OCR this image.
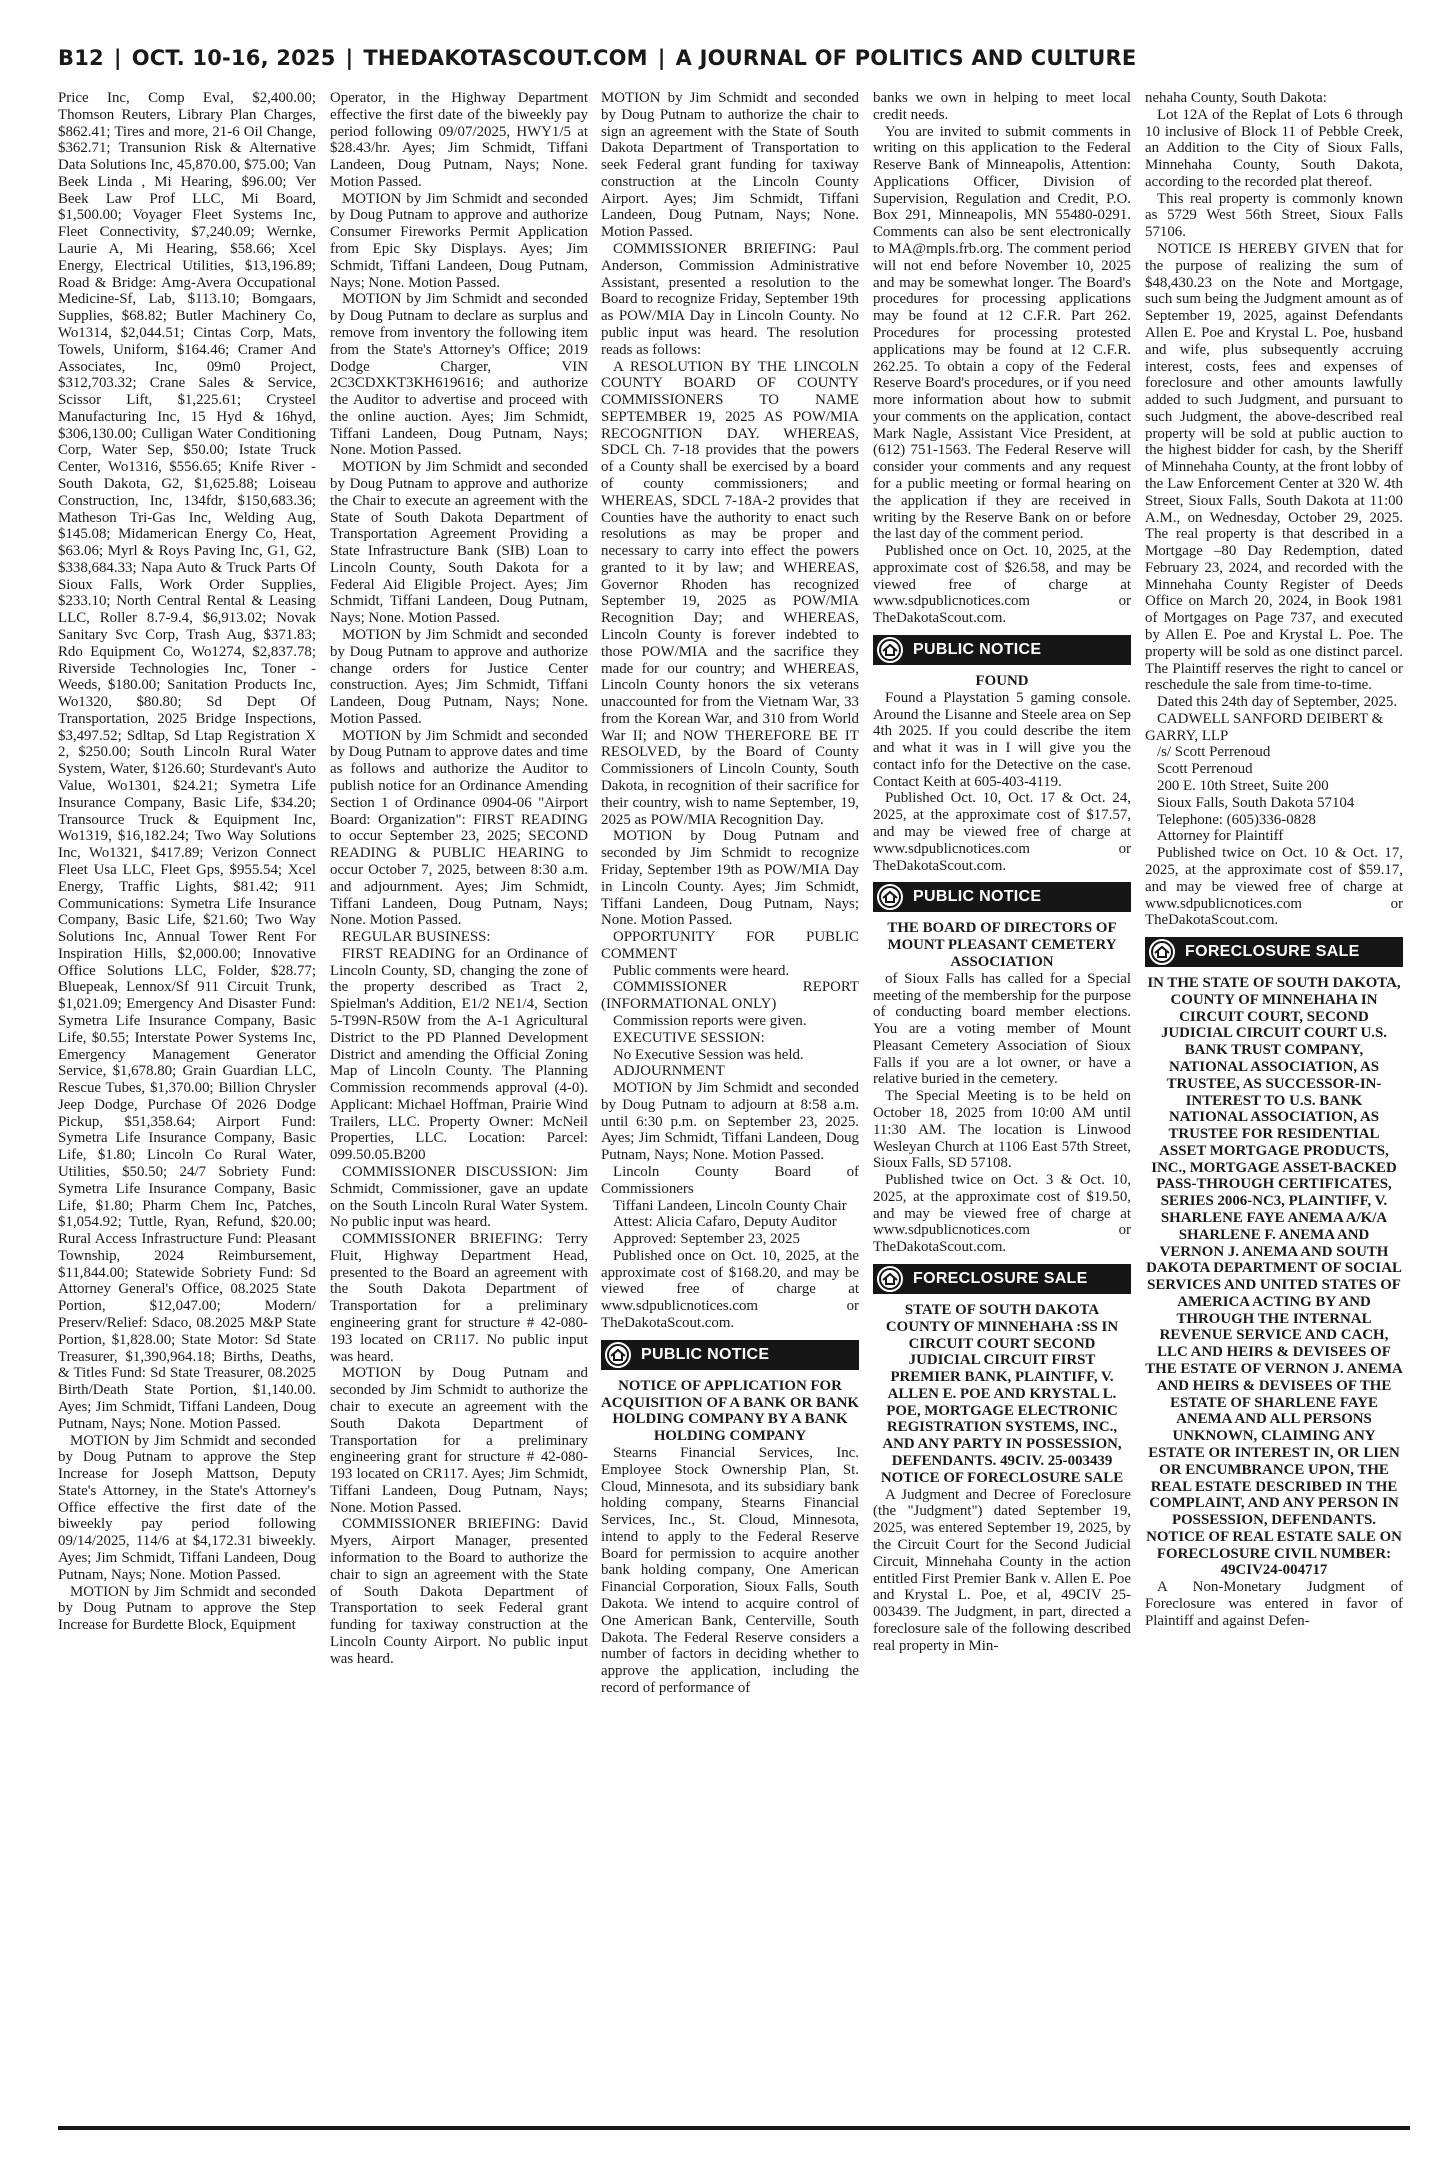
B12 | OCT. 10-16, 2025 | THEDAKOTASCOUT.COM | A JOURNAL OF POLITICS AND CULTURE

Price Inc, Comp Eval, $2,400.00; Thomson Reuters, Library Plan Charges, $862.41; Tires and more, 21-6 Oil Change, $362.71; Transunion Risk & Alternative Data Solutions Inc, 45,870.00, $75.00; Van Beek Linda , Mi Hearing, $96.00; Ver Beek Law Prof LLC, Mi Board, $1,500.00; Voyager Fleet Systems Inc, Fleet Connectivity, $7,240.09; Wernke, Laurie A, Mi Hearing, $58.66; Xcel Energy, Electrical Utilities, $13,196.89; Road & Bridge: Amg-Avera Occupational Medicine-Sf, Lab, $113.10; Bomgaars, Supplies, $68.82; Butler Machinery Co, Wo1314, $2,044.51; Cintas Corp, Mats, Towels, Uniform, $164.46; Cramer And Associates, Inc, 09m0 Project, $312,703.32; Crane Sales & Service, Scissor Lift, $1,225.61; Crysteel Manufacturing Inc, 15 Hyd & 16hyd, $306,130.00; Culligan Water Conditioning Corp, Water Sep, $50.00; Istate Truck Center, Wo1316, $556.65; Knife River - South Dakota, G2, $1,625.88; Loiseau Construction, Inc, 134fdr, $150,683.36; Matheson Tri-Gas Inc, Welding Aug, $145.08; Midamerican Energy Co, Heat, $63.06; Myrl & Roys Paving Inc, G1, G2, $338,684.33; Napa Auto & Truck Parts Of Sioux Falls, Work Order Supplies, $233.10; North Central Rental & Leasing LLC, Roller 8.7-9.4, $6,913.02; Novak Sanitary Svc Corp, Trash Aug, $371.83; Rdo Equipment Co, Wo1274, $2,837.78; Riverside Technologies Inc, Toner - Weeds, $180.00; Sanitation Products Inc, Wo1320, $80.80; Sd Dept Of Transportation, 2025 Bridge Inspections, $3,497.52; Sdltap, Sd Ltap Registration X 2, $250.00; South Lincoln Rural Water System, Water, $126.60; Sturdevant's Auto Value, Wo1301, $24.21; Symetra Life Insurance Company, Basic Life, $34.20; Transource Truck & Equipment Inc, Wo1319, $16,182.24; Two Way Solutions Inc, Wo1321, $417.89; Verizon Connect Fleet Usa LLC, Fleet Gps, $955.54; Xcel Energy, Traffic Lights, $81.42; 911 Communications: Symetra Life Insurance Company, Basic Life, $21.60; Two Way Solutions Inc, Annual Tower Rent For Inspiration Hills, $2,000.00; Innovative Office Solutions LLC, Folder, $28.77; Bluepeak, Lennox/Sf 911 Circuit Trunk, $1,021.09; Emergency And Disaster Fund: Symetra Life Insurance Company, Basic Life, $0.55; Interstate Power Systems Inc, Emergency Management Generator Service, $1,678.80; Grain Guardian LLC, Rescue Tubes, $1,370.00; Billion Chrysler Jeep Dodge, Purchase Of 2026 Dodge Pickup, $51,358.64; Airport Fund: Symetra Life Insurance Company, Basic Life, $1.80; Lincoln Co Rural Water, Utilities, $50.50; 24/7 Sobriety Fund: Symetra Life Insurance Company, Basic Life, $1.80; Pharm Chem Inc, Patches, $1,054.92; Tuttle, Ryan, Refund, $20.00; Rural Access Infrastructure Fund: Pleasant Township, 2024 Reimbursement, $11,844.00; Statewide Sobriety Fund: Sd Attorney General's Office, 08.2025 State Portion, $12,047.00; Modern/ Preserv/Relief: Sdaco, 08.2025 M&P State Portion, $1,828.00; State Motor: Sd State Treasurer, $1,390,964.18; Births, Deaths, & Titles Fund: Sd State Treasurer, 08.2025 Birth/Death State Portion, $1,140.00. Ayes; Jim Schmidt, Tiffani Landeen, Doug Putnam, Nays; None. Motion Passed.

MOTION by Jim Schmidt and seconded by Doug Putnam to approve the Step Increase for Joseph Mattson, Deputy State's Attorney, in the State's Attorney's Office effective the first date of the biweekly pay period following 09/14/2025, 114/6 at $4,172.31 biweekly. Ayes; Jim Schmidt, Tiffani Landeen, Doug Putnam, Nays; None. Motion Passed.

MOTION by Jim Schmidt and seconded by Doug Putnam to approve the Step Increase for Burdette Block, Equipment

Operator, in the Highway Department effective the first date of the biweekly pay period following 09/07/2025, HWY1/5 at $28.43/hr. Ayes; Jim Schmidt, Tiffani Landeen, Doug Putnam, Nays; None. Motion Passed.

MOTION by Jim Schmidt and seconded by Doug Putnam to approve and authorize Consumer Fireworks Permit Application from Epic Sky Displays. Ayes; Jim Schmidt, Tiffani Landeen, Doug Putnam, Nays; None. Motion Passed.

MOTION by Jim Schmidt and seconded by Doug Putnam to declare as surplus and remove from inventory the following item from the State's Attorney's Office; 2019 Dodge Charger, VIN 2C3CDXKT3KH619616; and authorize the Auditor to advertise and proceed with the online auction. Ayes; Jim Schmidt, Tiffani Landeen, Doug Putnam, Nays; None. Motion Passed.

MOTION by Jim Schmidt and seconded by Doug Putnam to approve and authorize the Chair to execute an agreement with the State of South Dakota Department of Transportation Agreement Providing a State Infrastructure Bank (SIB) Loan to Lincoln County, South Dakota for a Federal Aid Eligible Project. Ayes; Jim Schmidt, Tiffani Landeen, Doug Putnam, Nays; None. Motion Passed.

MOTION by Jim Schmidt and seconded by Doug Putnam to approve and authorize change orders for Justice Center construction. Ayes; Jim Schmidt, Tiffani Landeen, Doug Putnam, Nays; None. Motion Passed.

MOTION by Jim Schmidt and seconded by Doug Putnam to approve dates and time as follows and authorize the Auditor to publish notice for an Ordinance Amending Section 1 of Ordinance 0904-06 "Airport Board: Organization": FIRST READING to occur September 23, 2025; SECOND READING & PUBLIC HEARING to occur October 7, 2025, between 8:30 a.m. and adjournment. Ayes; Jim Schmidt, Tiffani Landeen, Doug Putnam, Nays; None. Motion Passed.

REGULAR BUSINESS:

FIRST READING for an Ordinance of Lincoln County, SD, changing the zone of the property described as Tract 2, Spielman's Addition, E1/2 NE1/4, Section 5-T99N-R50W from the A-1 Agricultural District to the PD Planned Development District and amending the Official Zoning Map of Lincoln County. The Planning Commission recommends approval (4-0). Applicant: Michael Hoffman, Prairie Wind Trailers, LLC. Property Owner: McNeil Properties, LLC. Location: Parcel: 099.50.05.B200

COMMISSIONER DISCUSSION: Jim Schmidt, Commissioner, gave an update on the South Lincoln Rural Water System. No public input was heard.

COMMISSIONER BRIEFING: Terry Fluit, Highway Department Head, presented to the Board an agreement with the South Dakota Department of Transportation for a preliminary engineering grant for structure # 42-080-193 located on CR117. No public input was heard.

MOTION by Doug Putnam and seconded by Jim Schmidt to authorize the chair to execute an agreement with the South Dakota Department of Transportation for a preliminary engineering grant for structure # 42-080-193 located on CR117. Ayes; Jim Schmidt, Tiffani Landeen, Doug Putnam, Nays; None. Motion Passed.

COMMISSIONER BRIEFING: David Myers, Airport Manager, presented information to the Board to authorize the chair to sign an agreement with the State of South Dakota Department of Transportation to seek Federal grant funding for taxiway construction at the Lincoln County Airport. No public input was heard.

MOTION by Jim Schmidt and seconded by Doug Putnam to authorize the chair to sign an agreement with the State of South Dakota Department of Transportation to seek Federal grant funding for taxiway construction at the Lincoln County Airport. Ayes; Jim Schmidt, Tiffani Landeen, Doug Putnam, Nays; None. Motion Passed.

COMMISSIONER BRIEFING: Paul Anderson, Commission Administrative Assistant, presented a resolution to the Board to recognize Friday, September 19th as POW/MIA Day in Lincoln County. No public input was heard. The resolution reads as follows:

A RESOLUTION BY THE LINCOLN COUNTY BOARD OF COUNTY COMMISSIONERS TO NAME SEPTEMBER 19, 2025 AS POW/MIA RECOGNITION DAY. WHEREAS, SDCL Ch. 7-18 provides that the powers of a County shall be exercised by a board of county commissioners; and WHEREAS, SDCL 7-18A-2 provides that Counties have the authority to enact such resolutions as may be proper and necessary to carry into effect the powers granted to it by law; and WHEREAS, Governor Rhoden has recognized September 19, 2025 as POW/MIA Recognition Day; and WHEREAS, Lincoln County is forever indebted to those POW/MIA and the sacrifice they made for our country; and WHEREAS, Lincoln County honors the six veterans unaccounted for from the Vietnam War, 33 from the Korean War, and 310 from World War II; and NOW THEREFORE BE IT RESOLVED, by the Board of County Commissioners of Lincoln County, South Dakota, in recognition of their sacrifice for their country, wish to name September, 19, 2025 as POW/MIA Recognition Day.

MOTION by Doug Putnam and seconded by Jim Schmidt to recognize Friday, September 19th as POW/MIA Day in Lincoln County. Ayes; Jim Schmidt, Tiffani Landeen, Doug Putnam, Nays; None. Motion Passed.

OPPORTUNITY FOR PUBLIC COMMENT

Public comments were heard.

COMMISSIONER REPORT (INFORMATIONAL ONLY)

Commission reports were given.

EXECUTIVE SESSION:

No Executive Session was held.

ADJOURNMENT

MOTION by Jim Schmidt and seconded by Doug Putnam to adjourn at 8:58 a.m. until 6:30 p.m. on September 23, 2025. Ayes; Jim Schmidt, Tiffani Landeen, Doug Putnam, Nays; None. Motion Passed.

Lincoln County Board of Commissioners

Tiffani Landeen, Lincoln County Chair

Attest: Alicia Cafaro, Deputy Auditor

Approved: September 23, 2025

Published once on Oct. 10, 2025, at the approximate cost of $168.20, and may be viewed free of charge at www.sdpublicnotices.com or TheDakotaScout.com.

PUBLIC NOTICE

NOTICE OF APPLICATION FOR ACQUISITION OF A BANK OR BANK HOLDING COMPANY BY A BANK HOLDING COMPANY

Stearns Financial Services, Inc. Employee Stock Ownership Plan, St. Cloud, Minnesota, and its subsidiary bank holding company, Stearns Financial Services, Inc., St. Cloud, Minnesota, intend to apply to the Federal Reserve Board for permission to acquire another bank holding company, One American Financial Corporation, Sioux Falls, South Dakota. We intend to acquire control of One American Bank, Centerville, South Dakota. The Federal Reserve considers a number of factors in deciding whether to approve the application, including the record of performance of

banks we own in helping to meet local credit needs.

You are invited to submit comments in writing on this application to the Federal Reserve Bank of Minneapolis, Attention: Applications Officer, Division of Supervision, Regulation and Credit, P.O. Box 291, Minneapolis, MN 55480-0291. Comments can also be sent electronically to MA@mpls.frb.org. The comment period will not end before November 10, 2025 and may be somewhat longer. The Board's procedures for processing applications may be found at 12 C.F.R. Part 262. Procedures for processing protested applications may be found at 12 C.F.R. 262.25. To obtain a copy of the Federal Reserve Board's procedures, or if you need more information about how to submit your comments on the application, contact Mark Nagle, Assistant Vice President, at (612) 751-1563. The Federal Reserve will consider your comments and any request for a public meeting or formal hearing on the application if they are received in writing by the Reserve Bank on or before the last day of the comment period.

Published once on Oct. 10, 2025, at the approximate cost of $26.58, and may be viewed free of charge at www.sdpublicnotices.com or TheDakotaScout.com.

PUBLIC NOTICE

FOUND

Found a Playstation 5 gaming console. Around the Lisanne and Steele area on Sep 4th 2025. If you could describe the item and what it was in I will give you the contact info for the Detective on the case. Contact Keith at 605-403-4119.

Published Oct. 10, Oct. 17 & Oct. 24, 2025, at the approximate cost of $17.57, and may be viewed free of charge at www.sdpublicnotices.com or TheDakotaScout.com.

PUBLIC NOTICE

THE BOARD OF DIRECTORS OF MOUNT PLEASANT CEMETERY ASSOCIATION

of Sioux Falls has called for a Special meeting of the membership for the purpose of conducting board member elections. You are a voting member of Mount Pleasant Cemetery Association of Sioux Falls if you are a lot owner, or have a relative buried in the cemetery.

The Special Meeting is to be held on October 18, 2025 from 10:00 AM until 11:30 AM. The location is Linwood Wesleyan Church at 1106 East 57th Street, Sioux Falls, SD 57108.

Published twice on Oct. 3 & Oct. 10, 2025, at the approximate cost of $19.50, and may be viewed free of charge at www.sdpublicnotices.com or TheDakotaScout.com.

FORECLOSURE SALE

STATE OF SOUTH DAKOTA COUNTY OF MINNEHAHA :SS IN CIRCUIT COURT SECOND JUDICIAL CIRCUIT FIRST PREMIER BANK, PLAINTIFF, V. ALLEN E. POE AND KRYSTAL L. POE, MORTGAGE ELECTRONIC REGISTRATION SYSTEMS, INC., AND ANY PARTY IN POSSESSION, DEFENDANTS. 49CIV. 25-003439 NOTICE OF FORECLOSURE SALE

A Judgment and Decree of Foreclosure (the "Judgment") dated September 19, 2025, was entered September 19, 2025, by the Circuit Court for the Second Judicial Circuit, Minnehaha County in the action entitled First Premier Bank v. Allen E. Poe and Krystal L. Poe, et al, 49CIV 25-003439. The Judgment, in part, directed a foreclosure sale of the following described real property in Min-

nehaha County, South Dakota:

Lot 12A of the Replat of Lots 6 through 10 inclusive of Block 11 of Pebble Creek, an Addition to the City of Sioux Falls, Minnehaha County, South Dakota, according to the recorded plat thereof.

This real property is commonly known as 5729 West 56th Street, Sioux Falls 57106.

NOTICE IS HEREBY GIVEN that for the purpose of realizing the sum of $48,430.23 on the Note and Mortgage, such sum being the Judgment amount as of September 19, 2025, against Defendants Allen E. Poe and Krystal L. Poe, husband and wife, plus subsequently accruing interest, costs, fees and expenses of foreclosure and other amounts lawfully added to such Judgment, and pursuant to such Judgment, the above-described real property will be sold at public auction to the highest bidder for cash, by the Sheriff of Minnehaha County, at the front lobby of the Law Enforcement Center at 320 W. 4th Street, Sioux Falls, South Dakota at 11:00 A.M., on Wednesday, October 29, 2025. The real property is that described in a Mortgage –80 Day Redemption, dated February 23, 2024, and recorded with the Minnehaha County Register of Deeds Office on March 20, 2024, in Book 1981 of Mortgages on Page 737, and executed by Allen E. Poe and Krystal L. Poe. The property will be sold as one distinct parcel. The Plaintiff reserves the right to cancel or reschedule the sale from time-to-time.

Dated this 24th day of September, 2025.

CADWELL SANFORD DEIBERT & GARRY, LLP

/s/ Scott Perrenoud

Scott Perrenoud

200 E. 10th Street, Suite 200

Sioux Falls, South Dakota 57104

Telephone: (605)336-0828

Attorney for Plaintiff

Published twice on Oct. 10 & Oct. 17, 2025, at the approximate cost of $59.17, and may be viewed free of charge at www.sdpublicnotices.com or TheDakotaScout.com.

FORECLOSURE SALE

IN THE STATE OF SOUTH DAKOTA, COUNTY OF MINNEHAHA IN CIRCUIT COURT, SECOND JUDICIAL CIRCUIT COURT U.S. BANK TRUST COMPANY, NATIONAL ASSOCIATION, AS TRUSTEE, AS SUCCESSOR-IN-INTEREST TO U.S. BANK NATIONAL ASSOCIATION, AS TRUSTEE FOR RESIDENTIAL ASSET MORTGAGE PRODUCTS, INC., MORTGAGE ASSET-BACKED PASS-THROUGH CERTIFICATES, SERIES 2006-NC3, PLAINTIFF, V. SHARLENE FAYE ANEMA A/K/A SHARLENE F. ANEMA AND VERNON J. ANEMA AND SOUTH DAKOTA DEPARTMENT OF SOCIAL SERVICES AND UNITED STATES OF AMERICA ACTING BY AND THROUGH THE INTERNAL REVENUE SERVICE AND CACH, LLC AND HEIRS & DEVISEES OF THE ESTATE OF VERNON J. ANEMA AND HEIRS & DEVISEES OF THE ESTATE OF SHARLENE FAYE ANEMA AND ALL PERSONS UNKNOWN, CLAIMING ANY ESTATE OR INTEREST IN, OR LIEN OR ENCUMBRANCE UPON, THE REAL ESTATE DESCRIBED IN THE COMPLAINT, AND ANY PERSON IN POSSESSION, DEFENDANTS. NOTICE OF REAL ESTATE SALE ON FORECLOSURE CIVIL NUMBER: 49CIV24-004717

A Non-Monetary Judgment of Foreclosure was entered in favor of Plaintiff and against Defen-
